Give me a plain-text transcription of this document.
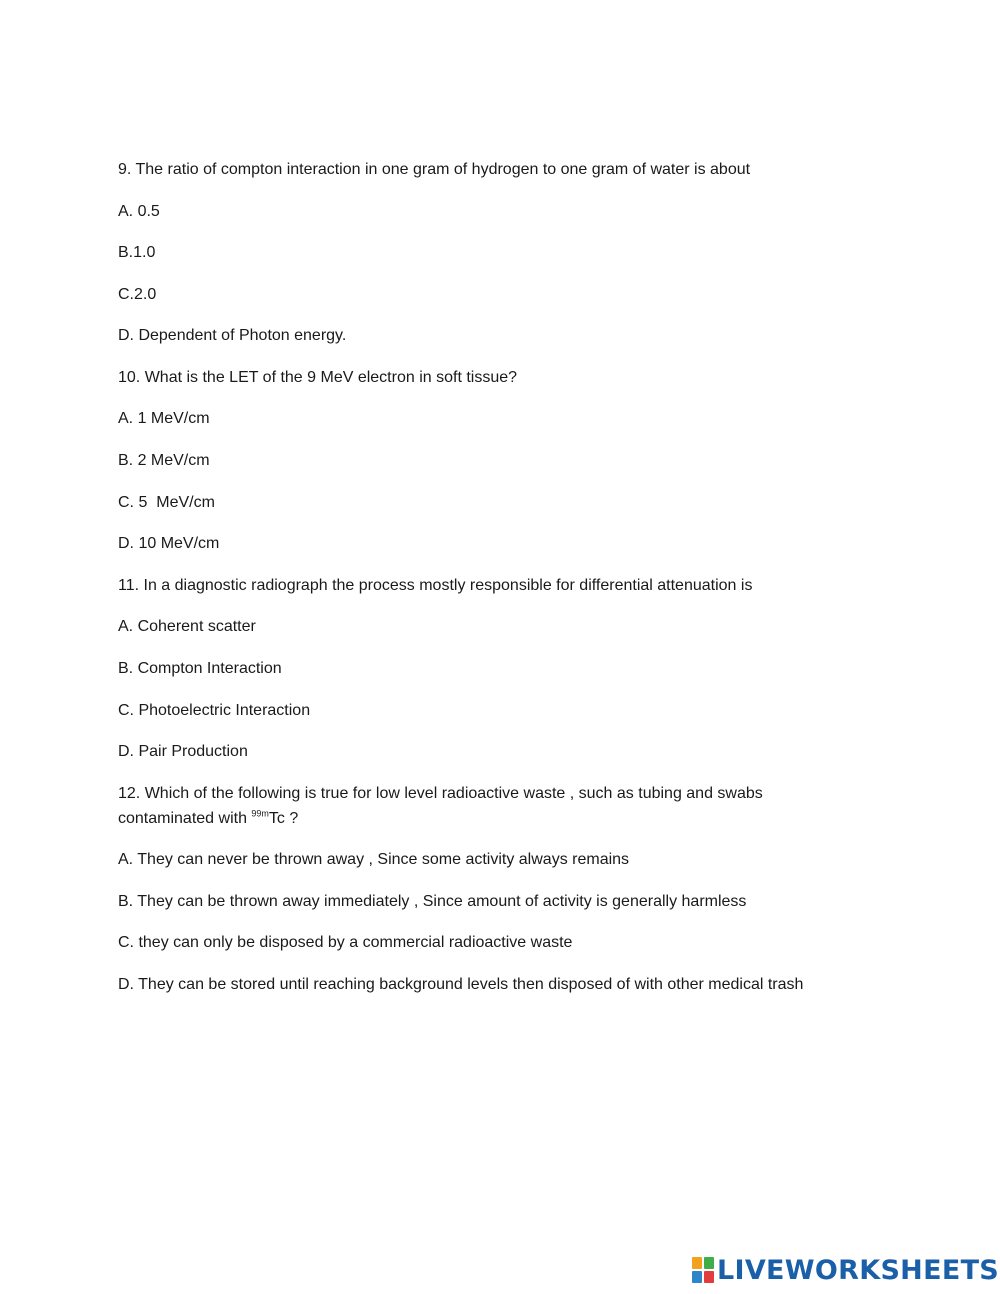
9. The ratio of compton interaction in one gram of hydrogen to one gram of water is about
A. 0.5
B.1.0
C.2.0
D. Dependent of Photon energy.
10. What is the LET of the 9 MeV electron in soft tissue?
A. 1 MeV/cm
B. 2 MeV/cm
C. 5  MeV/cm
D. 10 MeV/cm
11. In a diagnostic radiograph the process mostly responsible for differential attenuation is
A. Coherent scatter
B. Compton Interaction
C. Photoelectric Interaction
D. Pair Production
12. Which of the following is true for low level radioactive waste , such as tubing and swabs
contaminated with $^{99m}$Tc ?
A. They can never be thrown away , Since some activity always remains
B. They can be thrown away immediately , Since amount of activity is generally harmless
C. they can only be disposed by a commercial radioactive waste
D. They can be stored until reaching background levels then disposed of with other medical trash
LIVEWORKSHEETS
